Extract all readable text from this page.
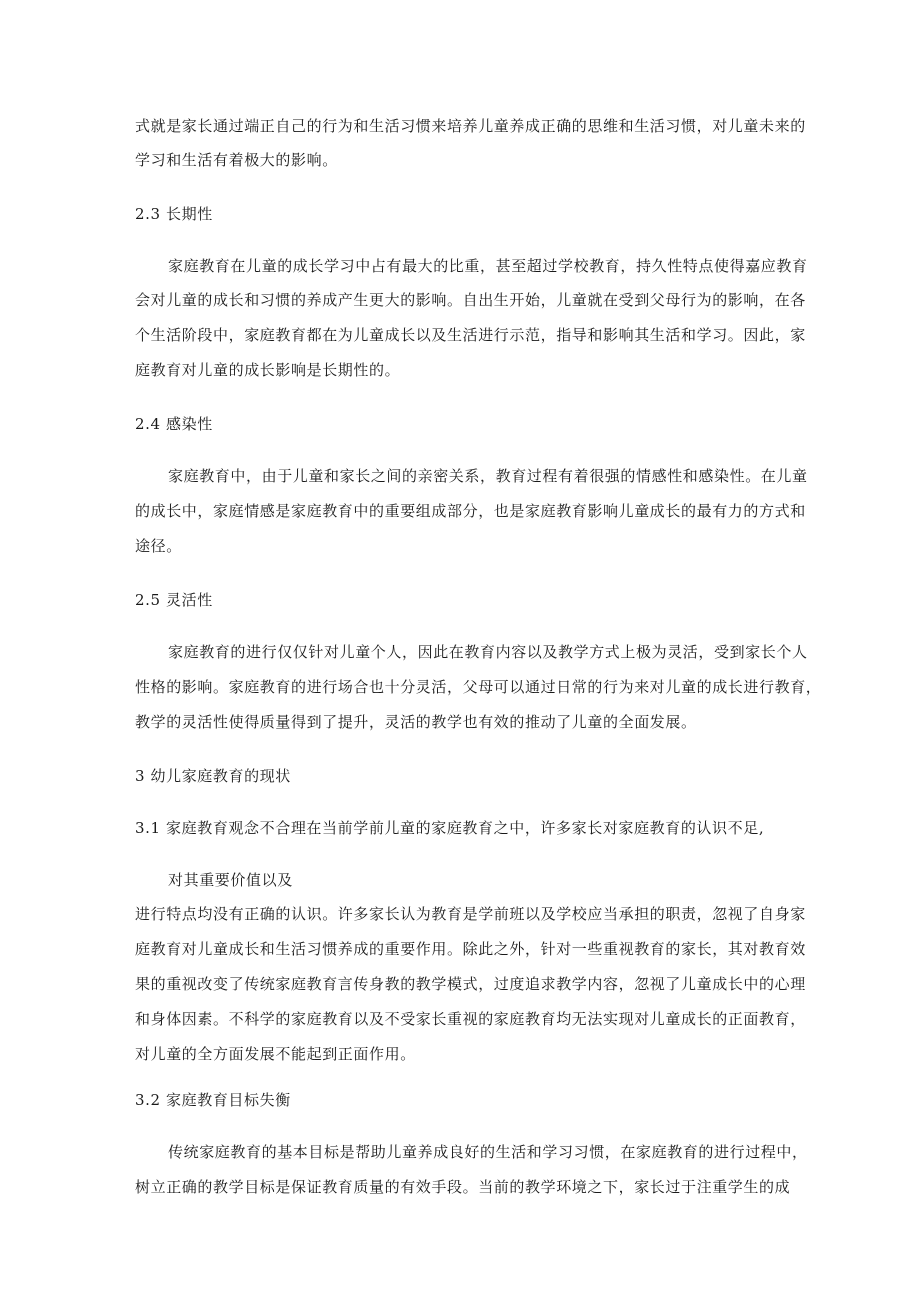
式就是家长通过端正自己的行为和生活习惯来培养儿童养成正确的思维和生活习惯，对儿童未来的
学习和生活有着极大的影响。
2.3 长期性
家庭教育在儿童的成长学习中占有最大的比重，甚至超过学校教育，持久性特点使得嘉应教育
会对儿童的成长和习惯的养成产生更大的影响。自出生开始，儿童就在受到父母行为的影响，在各
个生活阶段中，家庭教育都在为儿童成长以及生活进行示范，指导和影响其生活和学习。因此，家
庭教育对儿童的成长影响是长期性的。
2.4 感染性
家庭教育中，由于儿童和家长之间的亲密关系，教育过程有着很强的情感性和感染性。在儿童
的成长中，家庭情感是家庭教育中的重要组成部分，也是家庭教育影响儿童成长的最有力的方式和
途径。
2.5 灵活性
家庭教育的进行仅仅针对儿童个人，因此在教育内容以及教学方式上极为灵活，受到家长个人
性格的影响。家庭教育的进行场合也十分灵活，父母可以通过日常的行为来对儿童的成长进行教育，
教学的灵活性使得质量得到了提升，灵活的教学也有效的推动了儿童的全面发展。
3 幼儿家庭教育的现状
3.1 家庭教育观念不合理在当前学前儿童的家庭教育之中，许多家长对家庭教育的认识不足,
对其重要价值以及
进行特点均没有正确的认识。许多家长认为教育是学前班以及学校应当承担的职责，忽视了自身家
庭教育对儿童成长和生活习惯养成的重要作用。除此之外，针对一些重视教育的家长，其对教育效
果的重视改变了传统家庭教育言传身教的教学模式，过度追求教学内容，忽视了儿童成长中的心理
和身体因素。不科学的家庭教育以及不受家长重视的家庭教育均无法实现对儿童成长的正面教育，
对儿童的全方面发展不能起到正面作用。
3.2 家庭教育目标失衡
传统家庭教育的基本目标是帮助儿童养成良好的生活和学习习惯，在家庭教育的进行过程中，
树立正确的教学目标是保证教育质量的有效手段。当前的教学环境之下，家长过于注重学生的成
